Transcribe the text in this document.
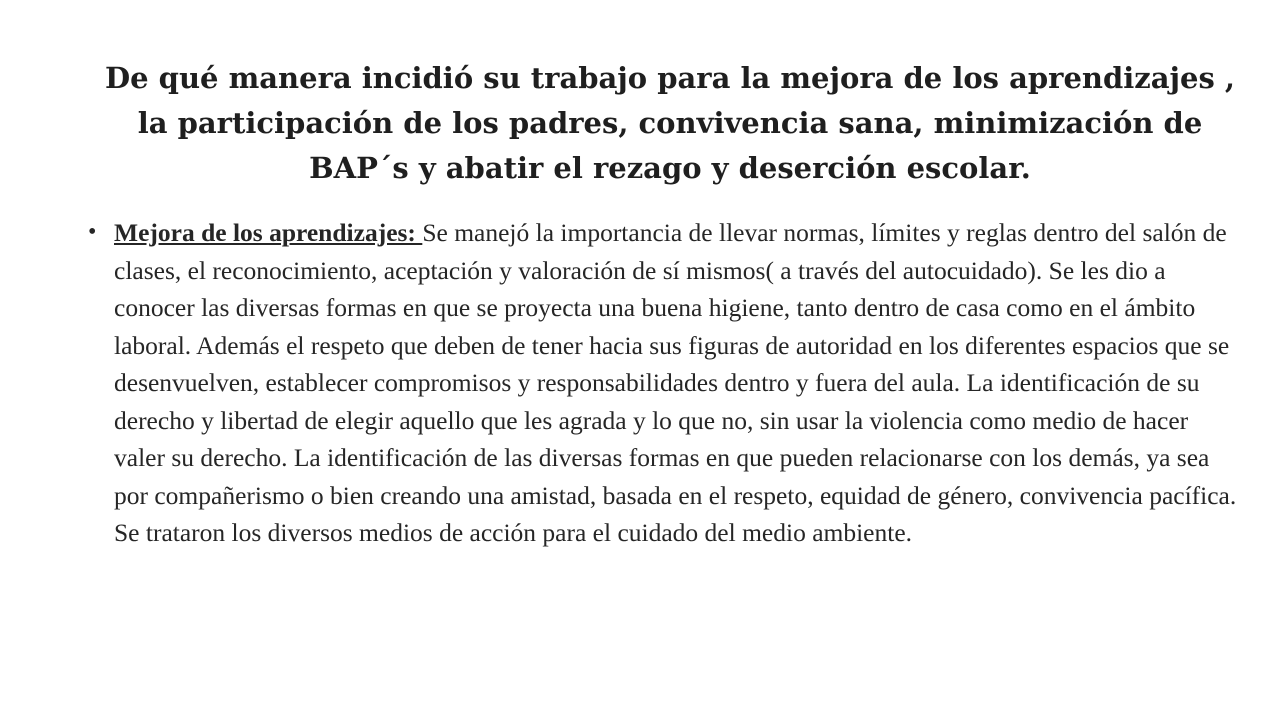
De qué manera incidió su trabajo para la mejora de los aprendizajes ,
la participación de los padres, convivencia sana, minimización de
BAP´s y abatir el rezago y deserción escolar.

• Mejora de los aprendizajes: Se manejó la importancia de llevar normas, límites y reglas dentro del salón de clases, el reconocimiento, aceptación y valoración de sí mismos( a través del autocuidado). Se les dio a conocer las diversas formas en que se proyecta una buena higiene, tanto dentro de casa como en el ámbito laboral. Además el respeto que deben de tener hacia sus figuras de autoridad en los diferentes espacios que se desenvuelven, establecer compromisos y responsabilidades dentro y fuera del aula. La identificación de su derecho y libertad de elegir aquello que les agrada y lo que no, sin usar la violencia como medio de hacer valer su derecho. La identificación de las diversas formas en que pueden relacionarse con los demás, ya sea por compañerismo o bien creando una amistad, basada en el respeto, equidad de género, convivencia pacífica. Se trataron los diversos medios de acción para el cuidado del medio ambiente.
